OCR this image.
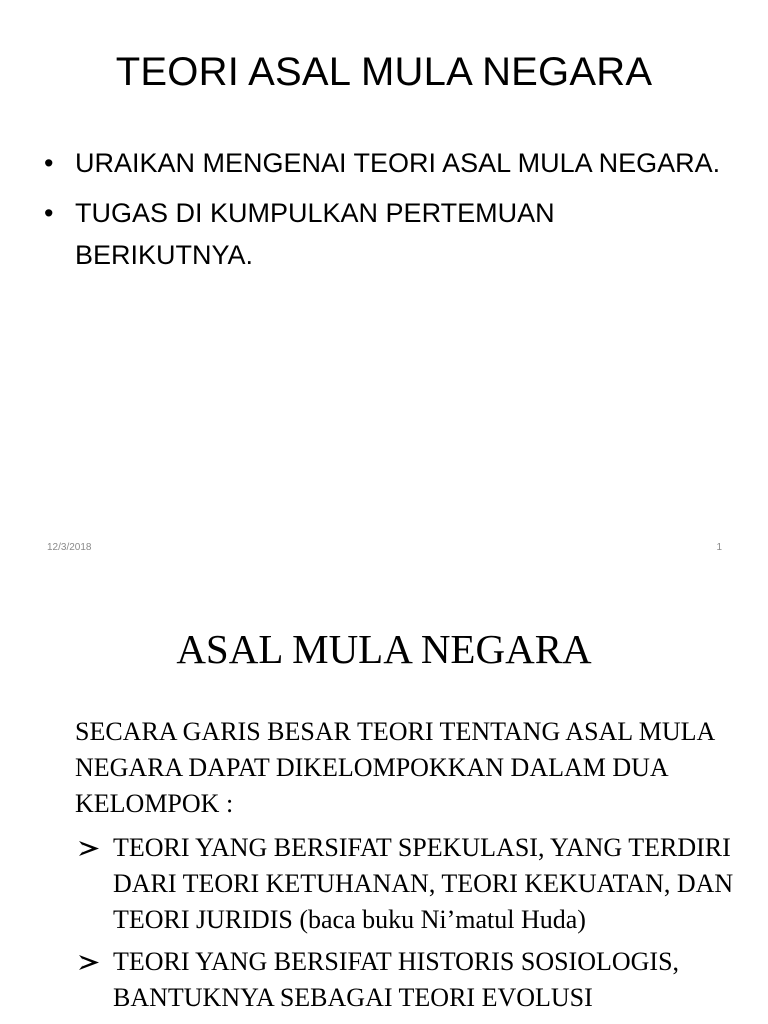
TEORI ASAL MULA NEGARA
• URAIKAN MENGENAI TEORI ASAL MULA NEGARA.
• TUGAS DI KUMPULKAN PERTEMUAN BERIKUTNYA.
12/3/2018	1
ASAL MULA NEGARA
SECARA GARIS BESAR TEORI TENTANG ASAL MULA NEGARA DAPAT DIKELOMPOKKAN DALAM DUA KELOMPOK :
TEORI YANG BERSIFAT SPEKULASI, YANG TERDIRI DARI TEORI KETUHANAN, TEORI KEKUATAN, DAN TEORI JURIDIS (baca buku Ni’matul Huda)
TEORI YANG BERSIFAT HISTORIS SOSIOLOGIS, BANTUKNYA SEBAGAI TEORI EVOLUSI
